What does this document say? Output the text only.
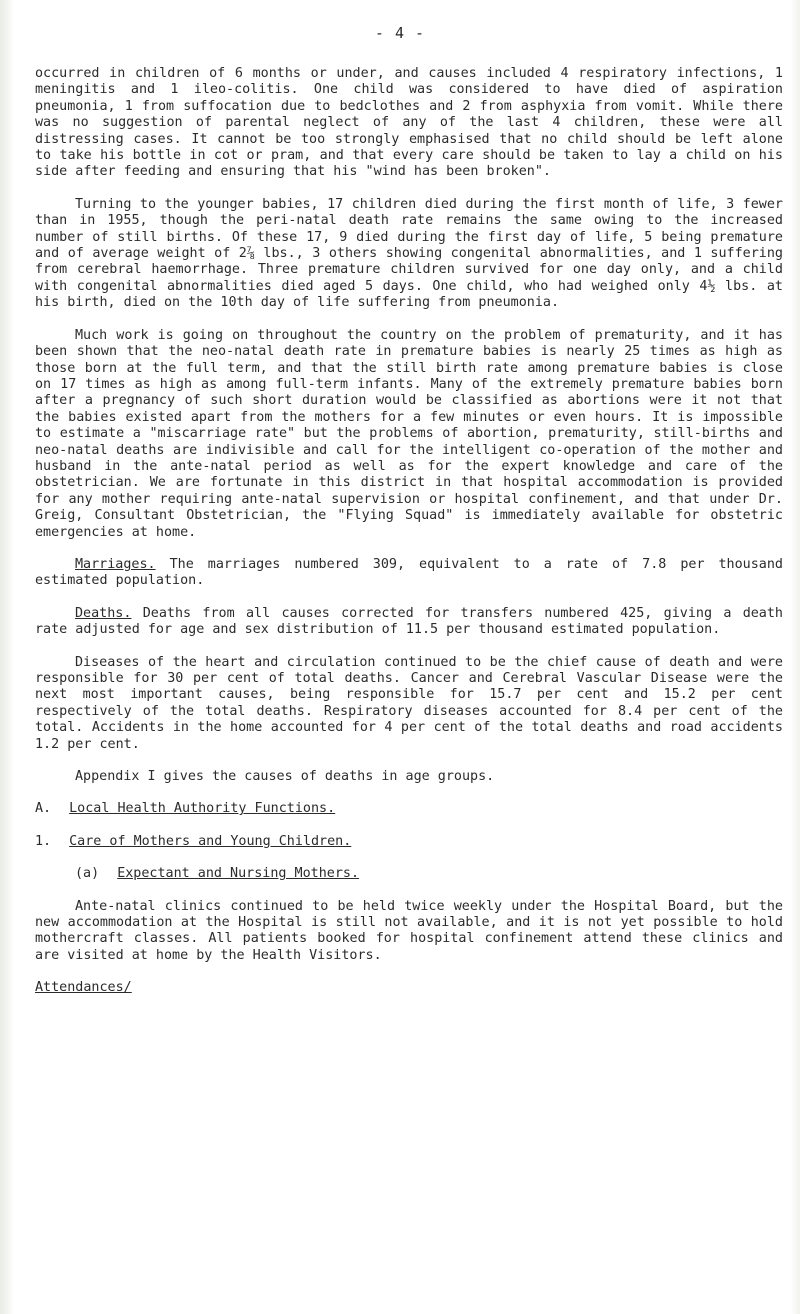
- 4 -

occurred in children of 6 months or under, and causes included 4 respiratory infections, 1 meningitis and 1 ileo-colitis. One child was considered to have died of aspiration pneumonia, 1 from suffocation due to bedclothes and 2 from asphyxia from vomit. While there was no suggestion of parental neglect of any of the last 4 children, these were all distressing cases. It cannot be too strongly emphasised that no child should be left alone to take his bottle in cot or pram, and that every care should be taken to lay a child on his side after feeding and ensuring that his "wind has been broken".

Turning to the younger babies, 17 children died during the first month of life, 3 fewer than in 1955, though the peri-natal death rate remains the same owing to the increased number of still births. Of these 17, 9 died during the first day of life, 5 being premature and of average weight of 2⅞ lbs., 3 others showing congenital abnormalities, and 1 suffering from cerebral haemorrhage. Three premature children survived for one day only, and a child with congenital abnormalities died aged 5 days. One child, who had weighed only 4½ lbs. at his birth, died on the 10th day of life suffering from pneumonia.

Much work is going on throughout the country on the problem of prematurity, and it has been shown that the neo-natal death rate in premature babies is nearly 25 times as high as those born at the full term, and that the still birth rate among premature babies is close on 17 times as high as among full-term infants. Many of the extremely premature babies born after a pregnancy of such short duration would be classified as abortions were it not that the babies existed apart from the mothers for a few minutes or even hours. It is impossible to estimate a "miscarriage rate" but the problems of abortion, prematurity, still-births and neo-natal deaths are indivisible and call for the intelligent co-operation of the mother and husband in the ante-natal period as well as for the expert knowledge and care of the obstetrician. We are fortunate in this district in that hospital accommodation is provided for any mother requiring ante-natal supervision or hospital confinement, and that under Dr. Greig, Consultant Obstetrician, the "Flying Squad" is immediately available for obstetric emergencies at home.

Marriages. The marriages numbered 309, equivalent to a rate of 7.8 per thousand estimated population.

Deaths. Deaths from all causes corrected for transfers numbered 425, giving a death rate adjusted for age and sex distribution of 11.5 per thousand estimated population.

Diseases of the heart and circulation continued to be the chief cause of death and were responsible for 30 per cent of total deaths. Cancer and Cerebral Vascular Disease were the next most important causes, being responsible for 15.7 per cent and 15.2 per cent respectively of the total deaths. Respiratory diseases accounted for 8.4 per cent of the total. Accidents in the home accounted for 4 per cent of the total deaths and road accidents 1.2 per cent.

Appendix I gives the causes of deaths in age groups.

A. Local Health Authority Functions.
1. Care of Mothers and Young Children.
(a) Expectant and Nursing Mothers.

Ante-natal clinics continued to be held twice weekly under the Hospital Board, but the new accommodation at the Hospital is still not available, and it is not yet possible to hold mothercraft classes. All patients booked for hospital confinement attend these clinics and are visited at home by the Health Visitors.

Attendances/
